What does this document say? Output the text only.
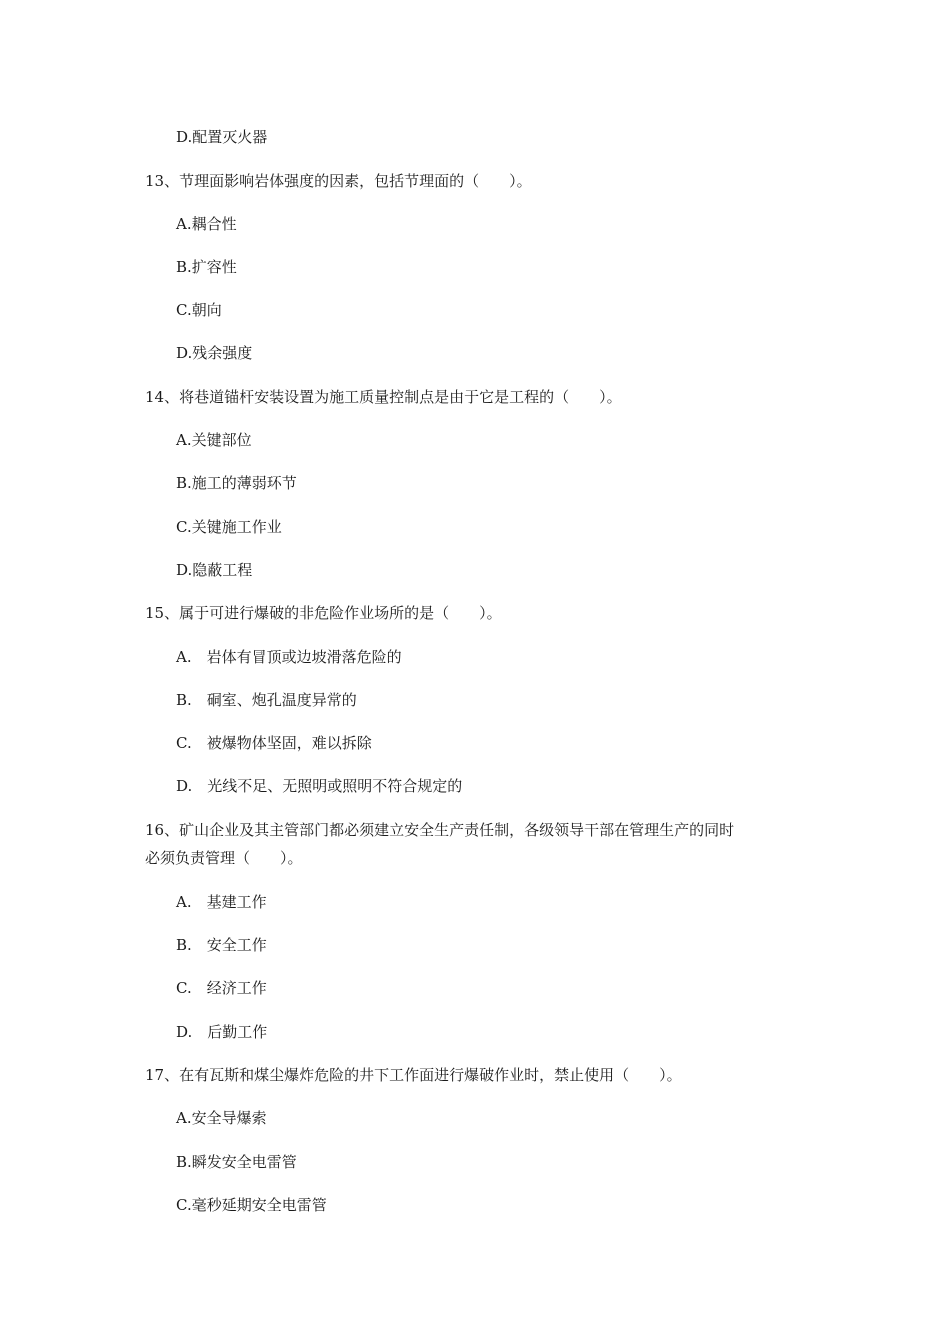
D.配置灭火器
13、节理面影响岩体强度的因素，包括节理面的（　　）。
A.耦合性
B.扩容性
C.朝向
D.残余强度
14、将巷道锚杆安装设置为施工质量控制点是由于它是工程的（　　）。
A.关键部位
B.施工的薄弱环节
C.关键施工作业
D.隐蔽工程
15、属于可进行爆破的非危险作业场所的是（　　）。
A.　岩体有冒顶或边坡滑落危险的
B.　硐室、炮孔温度异常的
C.　被爆物体坚固，难以拆除
D.　光线不足、无照明或照明不符合规定的
16、矿山企业及其主管部门都必须建立安全生产责任制，各级领导干部在管理生产的同时
必须负责管理（　　）。
A.　基建工作
B.　安全工作
C.　经济工作
D.　后勤工作
17、在有瓦斯和煤尘爆炸危险的井下工作面进行爆破作业时，禁止使用（　　）。
A.安全导爆索
B.瞬发安全电雷管
C.毫秒延期安全电雷管
